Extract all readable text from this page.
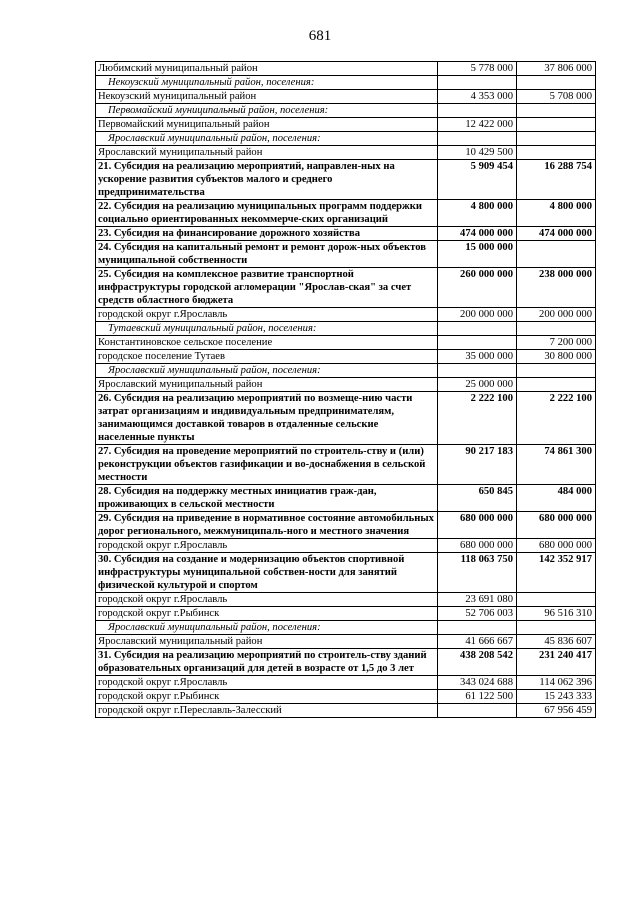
681
Любимский муниципальный район	5 778 000	37 806 000
Некоузский муниципальный район, поселения:		
Некоузский муниципальный район	4 353 000	5 708 000
Первомайский муниципальный район, поселения:		
Первомайский муниципальный район	12 422 000	
Ярославский муниципальный район, поселения:		
Ярославский муниципальный район	10 429 500	
21. Субсидия на реализацию мероприятий, направлен-ных на ускорение развития субъектов малого и среднего предпринимательства	5 909 454	16 288 754
22. Субсидия на реализацию муниципальных программ поддержки социально ориентированных некоммерче-ских организаций	4 800 000	4 800 000
23. Субсидия на финансирование дорожного хозяйства	474 000 000	474 000 000
24. Субсидия на капитальный ремонт и ремонт дорож-ных объектов муниципальной собственности	15 000 000	
25. Субсидия на комплексное развитие транспортной инфраструктуры городской агломерации "Ярослав-ская" за счет средств областного бюджета	260 000 000	238 000 000
городской округ г.Ярославль	200 000 000	200 000 000
Тутаевский муниципальный район, поселения:		
Константиновское сельское поселение		7 200 000
городское поселение Тутаев	35 000 000	30 800 000
Ярославский муниципальный район, поселения:		
Ярославский муниципальный район	25 000 000	
26. Субсидия на реализацию мероприятий по возмеще-нию части затрат организациям и индивидуальным предпринимателям, занимающимся доставкой товаров в отдаленные сельские населенные пункты	2 222 100	2 222 100
27. Субсидия на проведение мероприятий по строитель-ству и (или) реконструкции объектов газификации и во-доснабжения в сельской местности	90 217 183	74 861 300
28. Субсидия на поддержку местных инициатив граж-дан, проживающих в сельской местности	650 845	484 000
29. Субсидия на приведение в нормативное состояние автомобильных дорог регионального, межмуниципаль-ного и местного значения	680 000 000	680 000 000
городской округ г.Ярославль	680 000 000	680 000 000
30. Субсидия на создание и модернизацию объектов спортивной инфраструктуры муниципальной собствен-ности для занятий физической культурой и спортом	118 063 750	142 352 917
городской округ г.Ярославль	23 691 080	
городской округ г.Рыбинск	52 706 003	96 516 310
Ярославский муниципальный район, поселения:		
Ярославский муниципальный район	41 666 667	45 836 607
31. Субсидия на реализацию мероприятий по строитель-ству зданий образовательных организаций для детей в возрасте от 1,5 до 3 лет	438 208 542	231 240 417
городской округ г.Ярославль	343 024 688	114 062 396
городской округ г.Рыбинск	61 122 500	15 243 333
городской округ г.Переславль-Залесский		67 956 459
